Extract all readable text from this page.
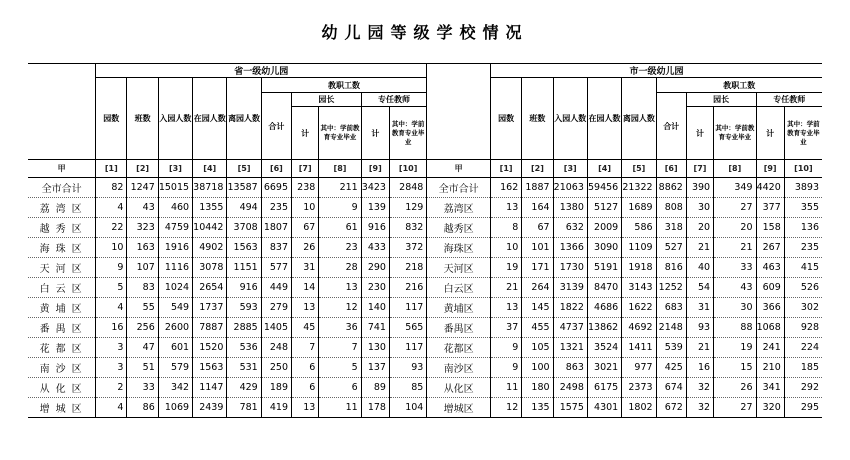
幼儿园等级学校情况
	省一级幼儿园											市一级幼儿园									
	园数	班数	入园人数	在园人数	离园人数	教职工数						园数	班数	入园人数	在园人数	离园人数	教职工数				
						合计	园长		专任教师								合计	园长		专任教师	
							计	其中：学前教育专业毕业	计	其中：学前教育专业毕业								计	其中：学前教育专业毕业	计	其中：学前教育专业毕业
甲	[1]	[2]	[3]	[4]	[5]	[6]	[7]	[8]	[9]	[10]	甲	[1]	[2]	[3]	[4]	[5]	[6]	[7]	[8]	[9]	[10]
全市合计	82	1247	15015	38718	13587	6695	238	211	3423	2848	全市合计	162	1887	21063	59456	21322	8862	390	349	4420	3893
荔湾区	4	43	460	1355	494	235	10	9	139	129	荔湾区	13	164	1380	5127	1689	808	30	27	377	355
越秀区	22	323	4759	10442	3708	1807	67	61	916	832	越秀区	8	67	632	2009	586	318	20	20	158	136
海珠区	10	163	1916	4902	1563	837	26	23	433	372	海珠区	10	101	1366	3090	1109	527	21	21	267	235
天河区	9	107	1116	3078	1151	577	31	28	290	218	天河区	19	171	1730	5191	1918	816	40	33	463	415
白云区	5	83	1024	2654	916	449	14	13	230	216	白云区	21	264	3139	8470	3143	1252	54	43	609	526
黄埔区	4	55	549	1737	593	279	13	12	140	117	黄埔区	13	145	1822	4686	1622	683	31	30	366	302
番禺区	16	256	2600	7887	2885	1405	45	36	741	565	番禺区	37	455	4737	13862	4692	2148	93	88	1068	928
花都区	3	47	601	1520	536	248	7	7	130	117	花都区	9	105	1321	3524	1411	539	21	19	241	224
南沙区	3	51	579	1563	531	250	6	5	137	93	南沙区	9	100	863	3021	977	425	16	15	210	185
从化区	2	33	342	1147	429	189	6	6	89	85	从化区	11	180	2498	6175	2373	674	32	26	341	292
增城区	4	86	1069	2439	781	419	13	11	178	104	增城区	12	135	1575	4301	1802	672	32	27	320	295
